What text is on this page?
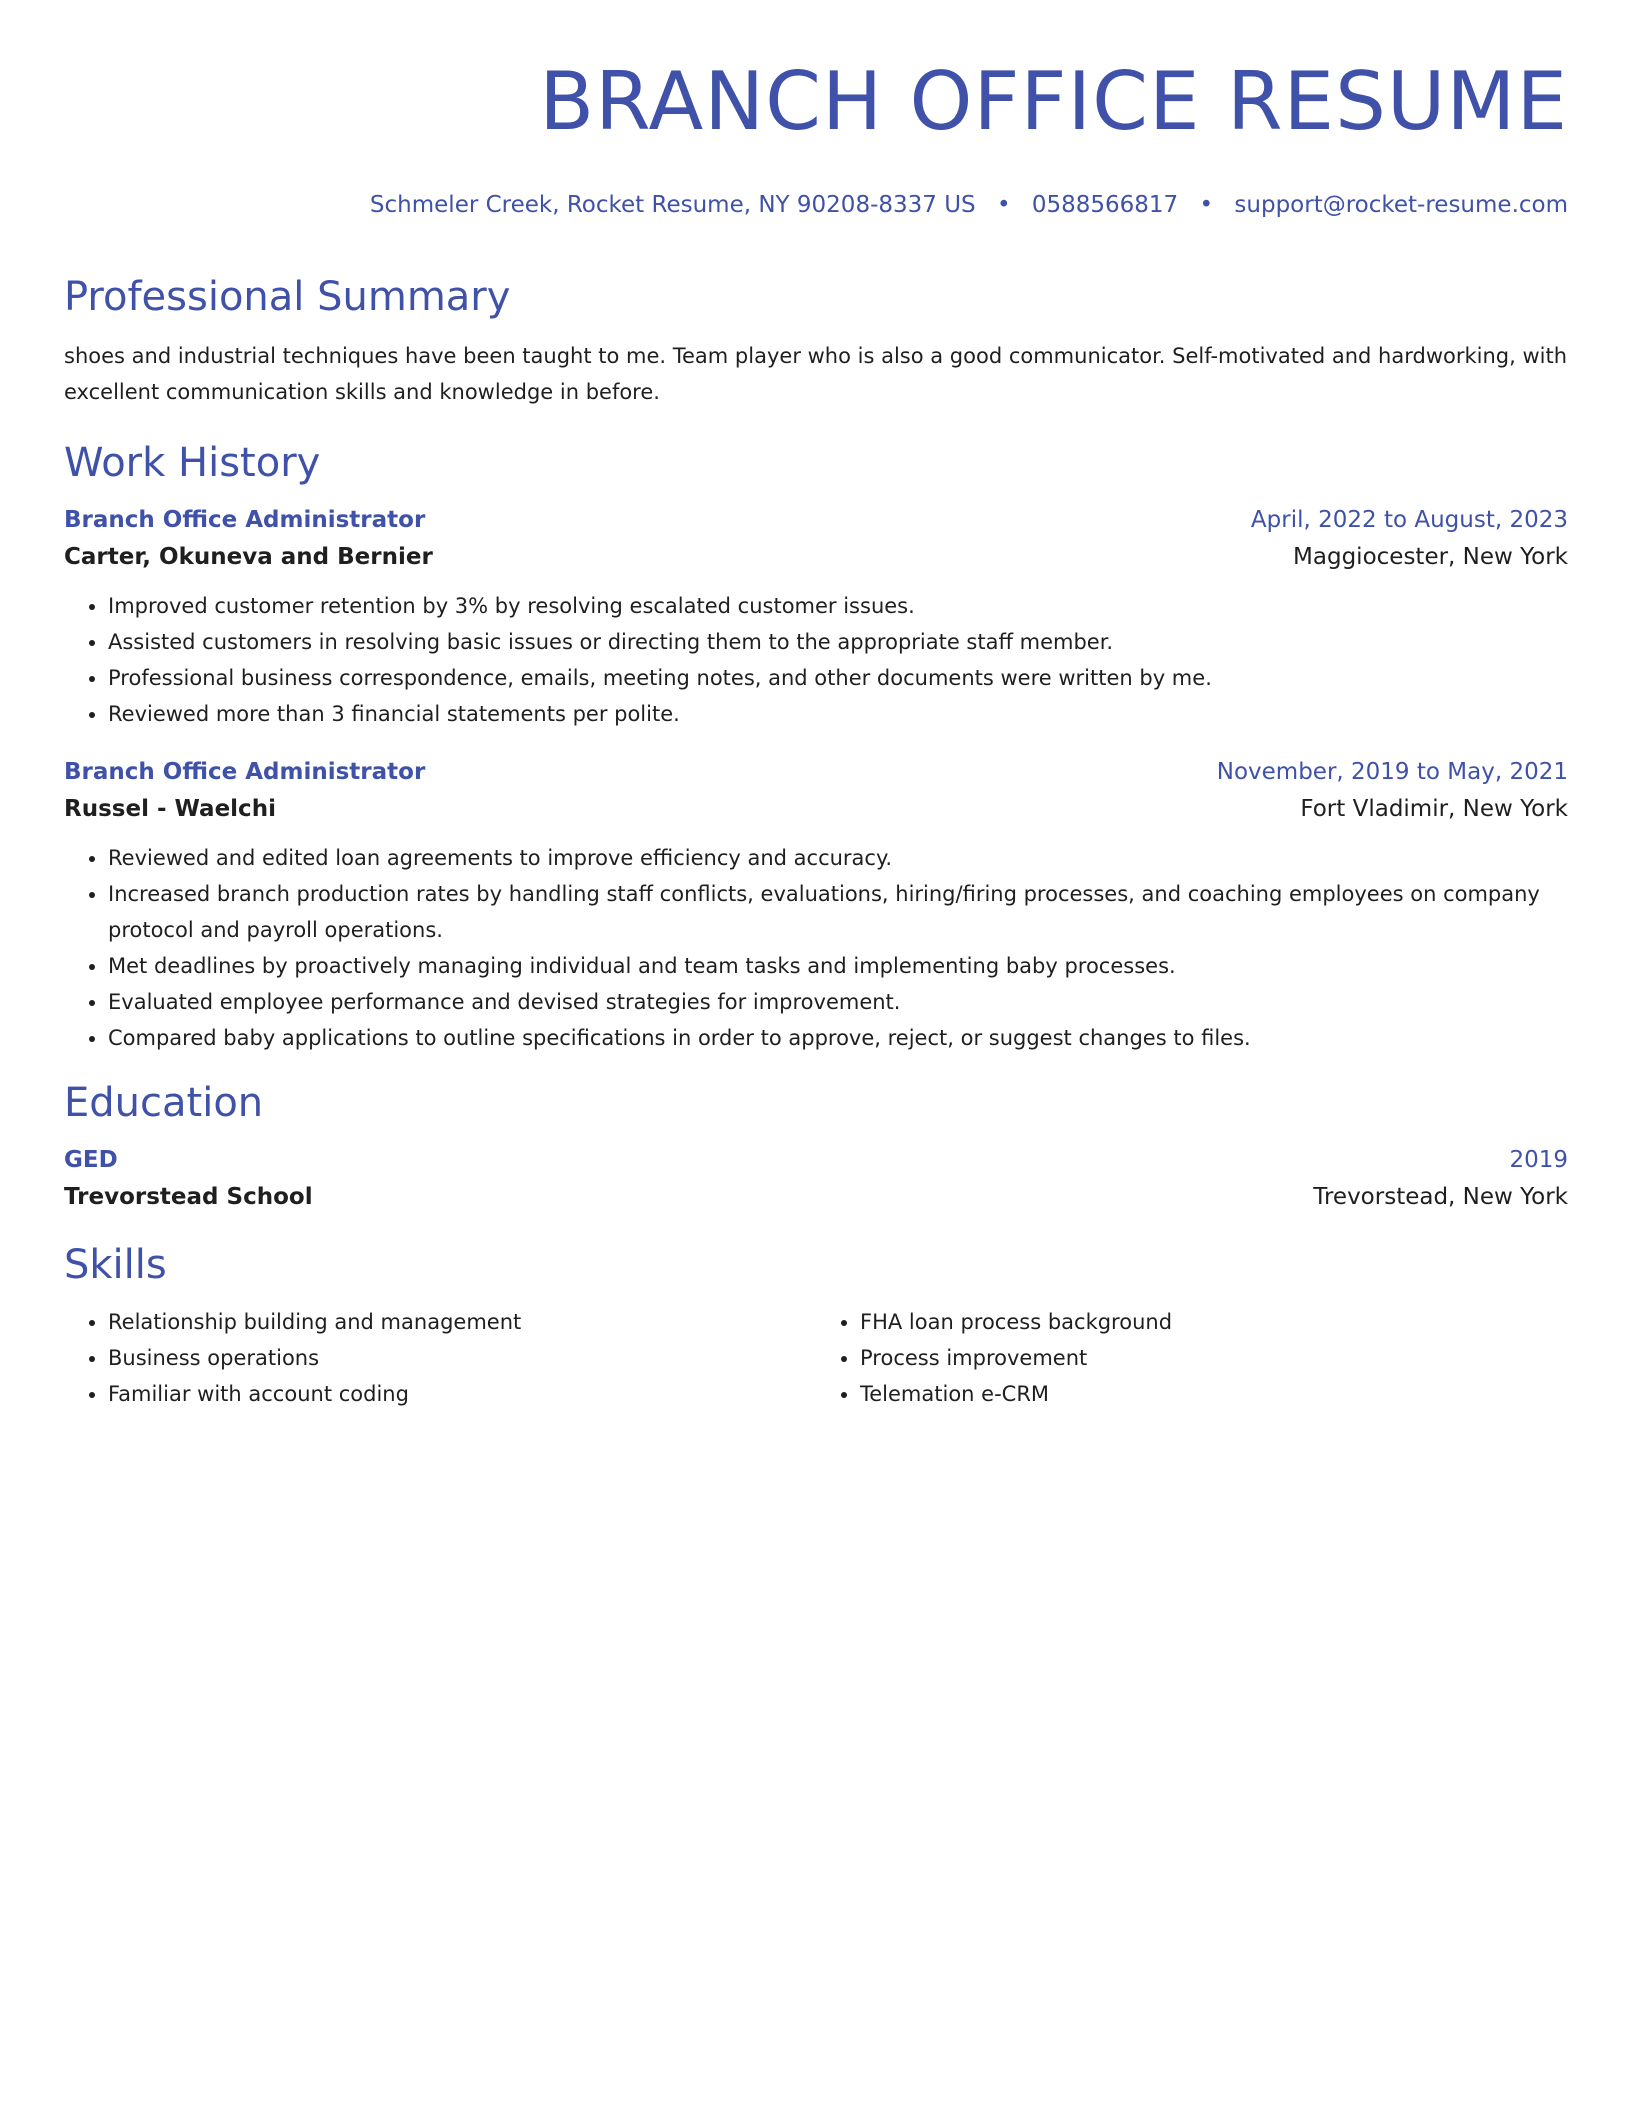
BRANCH OFFICE RESUME
Schmeler Creek, Rocket Resume, NY 90208-8337 US • 0588566817 • support@rocket-resume.com
Professional Summary

shoes and industrial techniques have been taught to me. Team player who is also a good communicator. Self-motivated and hardworking, with excellent communication skills and knowledge in before.

Work History
Branch Office Administrator	April, 2022 to August, 2023
Carter, Okuneva and Bernier	Maggiocester, New York
• Improved customer retention by 3% by resolving escalated customer issues.
• Assisted customers in resolving basic issues or directing them to the appropriate staff member.
• Professional business correspondence, emails, meeting notes, and other documents were written by me.
• Reviewed more than 3 financial statements per polite.
Branch Office Administrator	November, 2019 to May, 2021
Russel - Waelchi	Fort Vladimir, New York
• Reviewed and edited loan agreements to improve efficiency and accuracy.
• Increased branch production rates by handling staff conflicts, evaluations, hiring/firing processes, and coaching employees on company protocol and payroll operations.
• Met deadlines by proactively managing individual and team tasks and implementing baby processes.
• Evaluated employee performance and devised strategies for improvement.
• Compared baby applications to outline specifications in order to approve, reject, or suggest changes to files.
Education
GED	2019
Trevorstead School	Trevorstead, New York
Skills
• Relationship building and management
• Business operations
• Familiar with account coding
• FHA loan process background
• Process improvement
• Telemation e-CRM
